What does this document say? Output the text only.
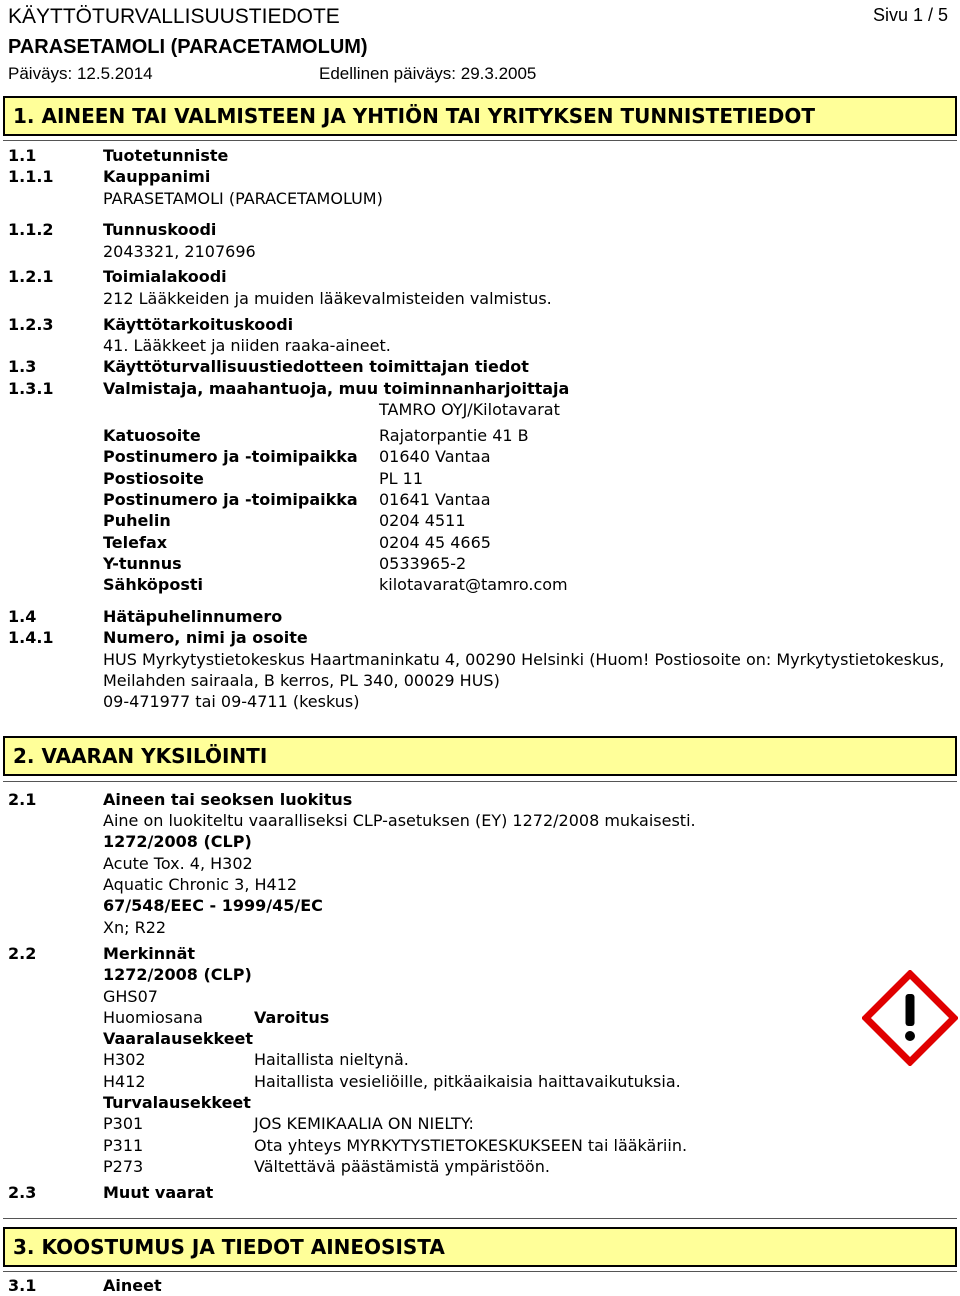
KÄYTTÖTURVALLISUUSTIEDOTE	Sivu 1 / 5
PARASETAMOLI (PARACETAMOLUM)
Päiväys: 12.5.2014	Edellinen päiväys: 29.3.2005
1. AINEEN TAI VALMISTEEN JA YHTIÖN TAI YRITYKSEN TUNNISTETIEDOT
1.1	Tuotetunniste
1.1.1	Kauppanimi
PARASETAMOLI (PARACETAMOLUM)
1.1.2	Tunnuskoodi
2043321, 2107696
1.2.1	Toimialakoodi
212 Lääkkeiden ja muiden lääkevalmisteiden valmistus.
1.2.3	Käyttötarkoituskoodi
41. Lääkkeet ja niiden raaka-aineet.
1.3	Käyttöturvallisuustiedotteen toimittajan tiedot
1.3.1	Valmistaja, maahantuoja, muu toiminnanharjoittaja
TAMRO OYJ/Kilotavarat
Katuosoite	Rajatorpantie 41 B
Postinumero ja -toimipaikka 01640 Vantaa
Postiosoite	PL 11
Postinumero ja -toimipaikka 01641 Vantaa
Puhelin	0204 4511
Telefax	0204 45 4665
Y-tunnus	0533965-2
Sähköposti	kilotavarat@tamro.com
1.4	Hätäpuhelinnumero
1.4.1	Numero, nimi ja osoite
HUS Myrkytystietokeskus Haartmaninkatu 4, 00290 Helsinki (Huom! Postiosoite on: Myrkytystietokeskus,
Meilahden sairaala, B kerros, PL 340, 00029 HUS)
09-471977 tai 09-4711 (keskus)
2. VAARAN YKSILÖINTI
2.1	Aineen tai seoksen luokitus
Aine on luokiteltu vaaralliseksi CLP-asetuksen (EY) 1272/2008 mukaisesti.
1272/2008 (CLP)
Acute Tox. 4, H302
Aquatic Chronic 3, H412
67/548/EEC - 1999/45/EC
Xn; R22
2.2	Merkinnät
1272/2008 (CLP)
GHS07
Huomiosana	Varoitus
Vaaralausekkeet
H302	Haitallista nieltynä.
H412	Haitallista vesieliöille, pitkäaikaisia haittavaikutuksia.
Turvalausekkeet
P301	JOS KEMIKAALIA ON NIELTY:
P311	Ota yhteys MYRKYTYSTIETOKESKUKSEEN tai lääkäriin.
P273	Vältettävä päästämistä ympäristöön.
2.3	Muut vaarat
3. KOOSTUMUS JA TIEDOT AINEOSISTA
3.1	Aineet
